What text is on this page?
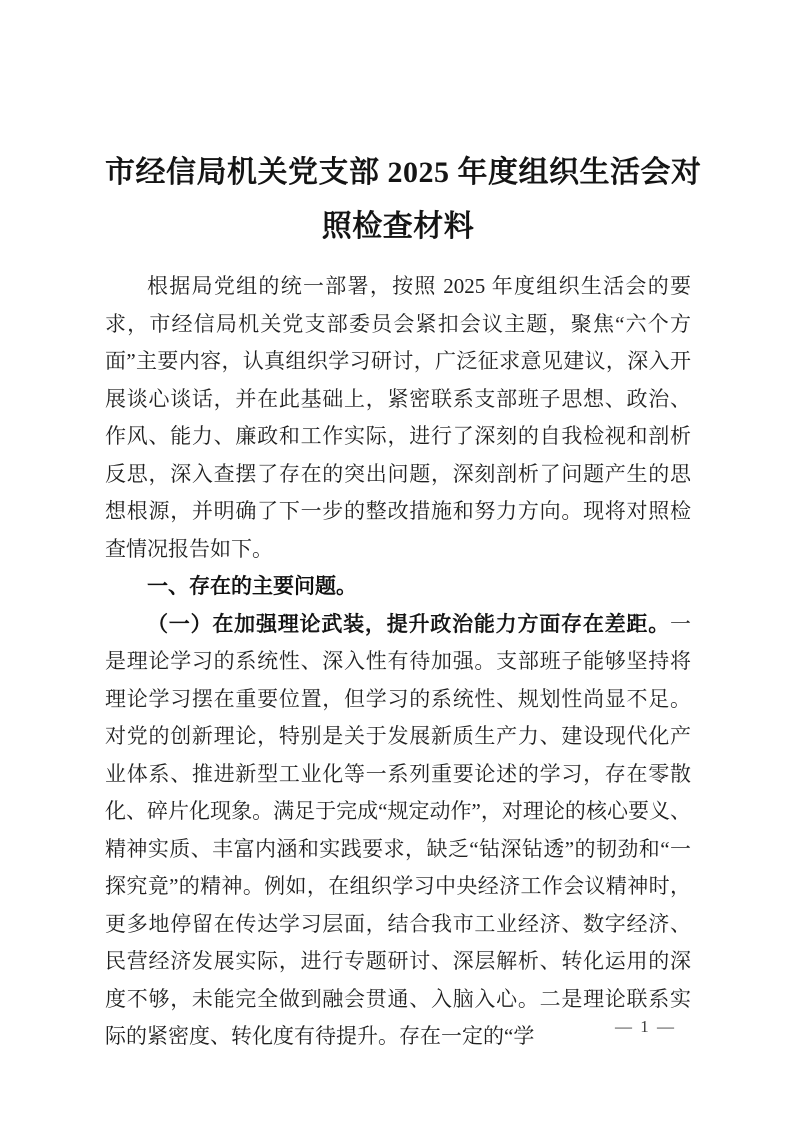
市经信局机关党支部 2025 年度组织生活会对
照检查材料

根据局党组的统一部署，按照 2025 年度组织生活会的要求，市经信局机关党支部委员会紧扣会议主题，聚焦“六个方面”主要内容，认真组织学习研讨，广泛征求意见建议，深入开展谈心谈话，并在此基础上，紧密联系支部班子思想、政治、作风、能力、廉政和工作实际，进行了深刻的自我检视和剖析反思，深入查摆了存在的突出问题，深刻剖析了问题产生的思想根源，并明确了下一步的整改措施和努力方向。现将对照检查情况报告如下。

一、存在的主要问题。

（一）在加强理论武装，提升政治能力方面存在差距。一是理论学习的系统性、深入性有待加强。支部班子能够坚持将理论学习摆在重要位置，但学习的系统性、规划性尚显不足。对党的创新理论，特别是关于发展新质生产力、建设现代化产业体系、推进新型工业化等一系列重要论述的学习，存在零散化、碎片化现象。满足于完成“规定动作”，对理论的核心要义、精神实质、丰富内涵和实践要求，缺乏“钻深钻透”的韧劲和“一探究竟”的精神。例如，在组织学习中央经济工作会议精神时，更多地停留在传达学习层面，结合我市工业经济、数字经济、民营经济发展实际，进行专题研讨、深层解析、转化运用的深度不够，未能完全做到融会贯通、入脑入心。二是理论联系实际的紧密度、转化度有待提升。存在一定的“学	— 1 —
